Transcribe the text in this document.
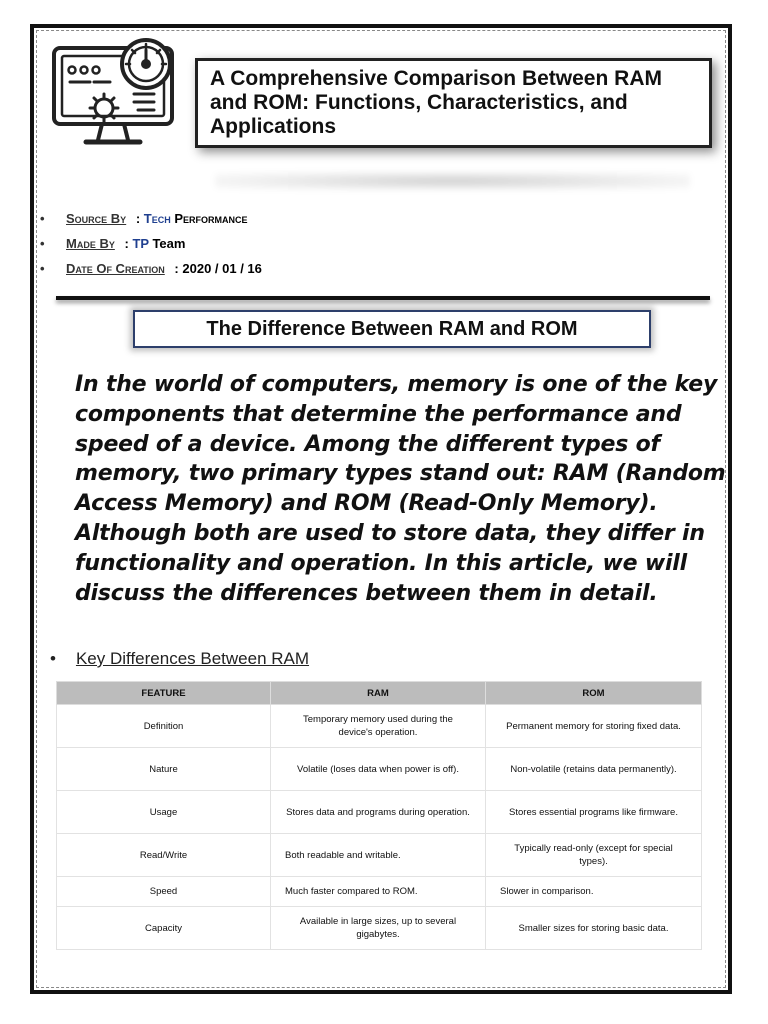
A Comprehensive Comparison Between RAM and ROM: Functions, Characteristics, and Applications
• Source By : Tech Performance
• Made By : TP Team
• Date Of Creation : 2020 / 01 / 16
The Difference Between RAM and ROM

In the world of computers, memory is one of the key components that determine the performance and speed of a device. Among the different types of memory, two primary types stand out: RAM (Random Access Memory) and ROM (Read-Only Memory). Although both are used to store data, they differ in functionality and operation. In this article, we will discuss the differences between them in detail.

• Key Differences Between RAM
FEATURE	RAM	ROM
Definition	Temporary memory used during the device's operation.	Permanent memory for storing fixed data.
Nature	Volatile (loses data when power is off).	Non-volatile (retains data permanently).
Usage	Stores data and programs during operation.	Stores essential programs like firmware.
Read/Write	Both readable and writable.	Typically read-only (except for special types).
Speed	Much faster compared to ROM.	Slower in comparison.
Capacity	Available in large sizes, up to several gigabytes.	Smaller sizes for storing basic data.
